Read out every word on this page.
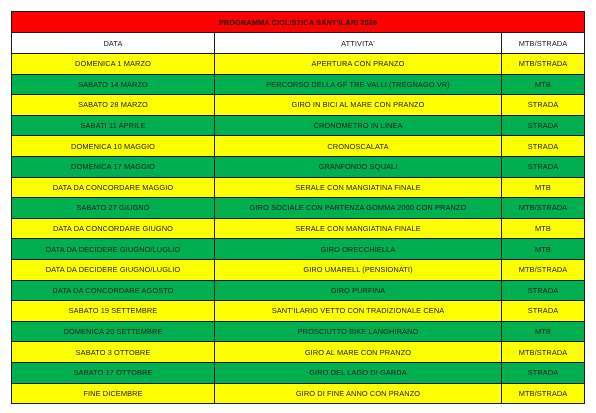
PROGRAMMA CICLISTICA SANT'ILARI 2026		
DATA	ATTIVITA'	MTB/STRADA
DOMENICA 1 MARZO	APERTURA CON PRANZO	MTB/STRADA
SABATO 14 MARZO	PERCORSO DELLA GF TRE VALLI (TREGNAGO VR)	MTB
SABATO 28 MARZO	GIRO IN BICI AL MARE CON PRANZO	STRADA
SABATI 11 APRILE	CRONOMETRO IN LINEA	STRADA
DOMENICA 10 MAGGIO	CRONOSCALATA	STRADA
DOMENICA 17 MAGGIO	GRANFONDO SQUALI	STRADA
DATA DA CONCORDARE MAGGIO	SERALE CON MANGIATINA FINALE	MTB
SABATO 27 GIUGNO	GIRO SOCIALE CON PARTENZA GOMMA 2000 CON PRANZO	MTB/STRADA
DATA DA CONCORDARE GIUGNO	SERALE CON MANGIATINA FINALE	MTB
DATA DA DECIDERE GIUGNO/LUGLIO	GIRO ORECCHIELLA	MTB
DATA DA DECIDERE GIUGNO/LUGLIO	GIRO UMARELL (PENSIONATI)	MTB/STRADA
DATA DA CONCORDARE AGOSTO	GIRO PURFINA	STRADA
SABATO 19 SETTEMBRE	SANT'ILARIO VETTO CON TRADIZIONALE CENA	STRADA
DOMENICA 20 SETTEMBRE	PROSCIUTTO BIKE LANGHIRANO	MTB
SABATO 3 OTTOBRE	GIRO AL MARE CON PRANZO	MTB/STRADA
SABATO 17 OTTOBRE	GIRO DEL LAGO DI GARDA	STRADA
FINE DICEMBRE	GIRO DI FINE ANNO CON PRANZO	MTB/STRADA
